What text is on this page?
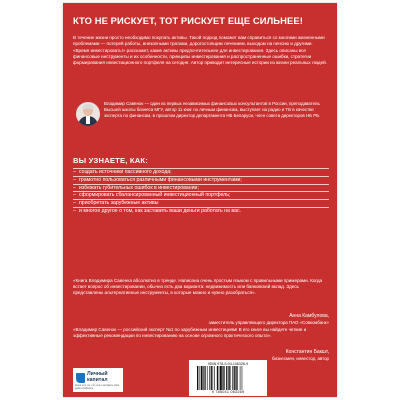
КТО НЕ РИСКУЕТ, ТОТ РИСКУЕТ ЕЩЕ СИЛЬНЕЕ!
В течение жизни просто необходимо покупать активы. Такой подход поможет вам справиться со многими жизненными проблемами — потерей работы, внезапными тратами, дорогостоящим лечением, выходом на пенсию и другими. «Время инвестировать!» расскажет, какие активы предпочтительнее для инвестирования. Здесь описаны все финансовые инструменты и их особенности, принципы инвестирования и распространенные ошибки, стратегии формирования инвестиционного портфеля на сегодня. Автор приводит интересные истории из жизни реальных людей.
Владимир Савенок — один из первых независимых финансовых консультантов в России, преподаватель Высшей школы бизнеса МГУ, автор 11 книг по личным финансам, выступает на радио и ТВ в качестве эксперта по финансам, в прошлом директор департамента НБ Беларуси, член совета директоров НБ РБ.
ВЫ УЗНАЕТЕ, КАК:
– создать источники пассивного дохода;
– грамотно пользоваться различными финансовыми инструментами;
– избежать губительных ошибок в инвестировании;
– сформировать сбалансированный инвестиционный портфель;
– приобретать зарубежные активы
– и многое другое о том, как заставить ваши деньги работать на вас.
«Книга Владимира Савенка абсолютно в тренде. Написана очень простым языком с правильными примерами. Когда встает вопрос об инвестировании, обычно есть два варианта: недвижимость или банковский вклад. Здесь представлены альтернативные инструменты, в которые можно и нужно разобраться».
Анна Камбулова,
заместитель управляющего директора ПАО «Совкомбанк»
«Владимир Савенок — российский эксперт №1 по зарубежным инвестициям! В его книге вы найдете четкие и эффективные рекомендации по инвестированию на основе огромного практического опыта».
Константин Бакшт,
бизнесмен, инвестор, автор
Личный капитал
Книги для тех, кто хочет заставить свои деньги работать
ISBN 978-5-04-106326-9
9 785041 063269
